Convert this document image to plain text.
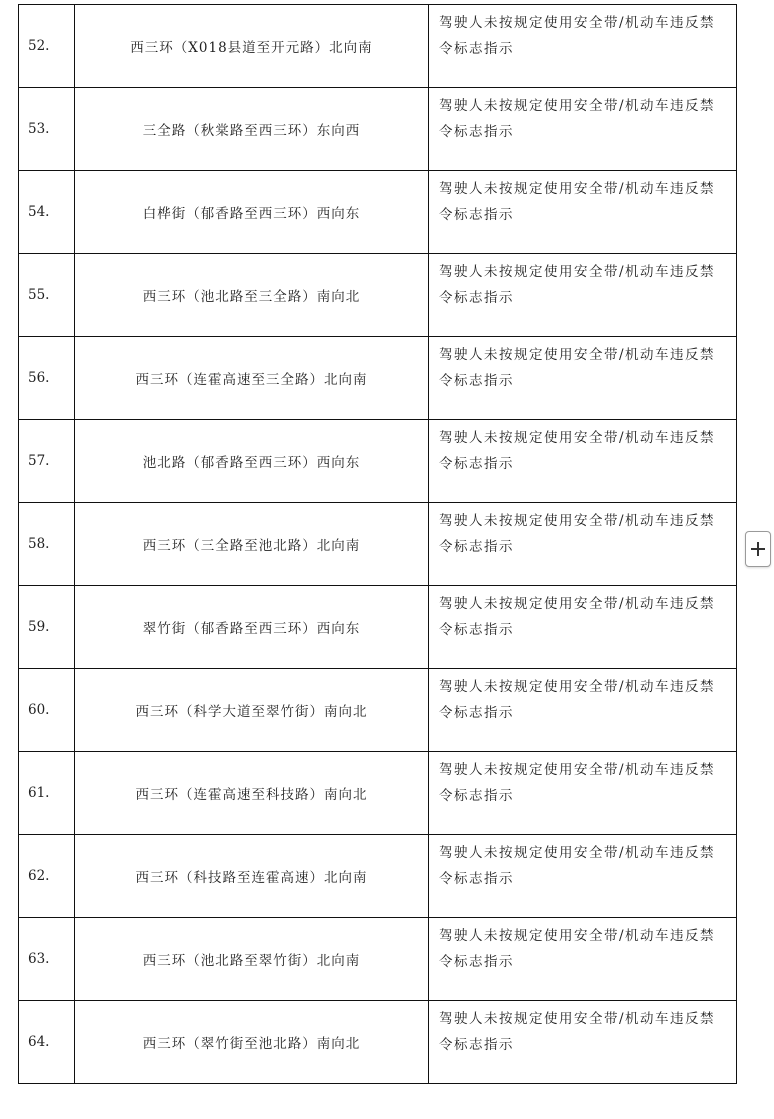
52.	西三环（X018县道至开元路）北向南	驾驶人未按规定使用安全带/机动车违反禁令标志指示
53.	三全路（秋棠路至西三环）东向西	驾驶人未按规定使用安全带/机动车违反禁令标志指示
54.	白桦街（郁香路至西三环）西向东	驾驶人未按规定使用安全带/机动车违反禁令标志指示
55.	西三环（池北路至三全路）南向北	驾驶人未按规定使用安全带/机动车违反禁令标志指示
56.	西三环（连霍高速至三全路）北向南	驾驶人未按规定使用安全带/机动车违反禁令标志指示
57.	池北路（郁香路至西三环）西向东	驾驶人未按规定使用安全带/机动车违反禁令标志指示
58.	西三环（三全路至池北路）北向南	驾驶人未按规定使用安全带/机动车违反禁令标志指示
59.	翠竹街（郁香路至西三环）西向东	驾驶人未按规定使用安全带/机动车违反禁令标志指示
60.	西三环（科学大道至翠竹街）南向北	驾驶人未按规定使用安全带/机动车违反禁令标志指示
61.	西三环（连霍高速至科技路）南向北	驾驶人未按规定使用安全带/机动车违反禁令标志指示
62.	西三环（科技路至连霍高速）北向南	驾驶人未按规定使用安全带/机动车违反禁令标志指示
63.	西三环（池北路至翠竹街）北向南	驾驶人未按规定使用安全带/机动车违反禁令标志指示
64.	西三环（翠竹街至池北路）南向北	驾驶人未按规定使用安全带/机动车违反禁令标志指示
